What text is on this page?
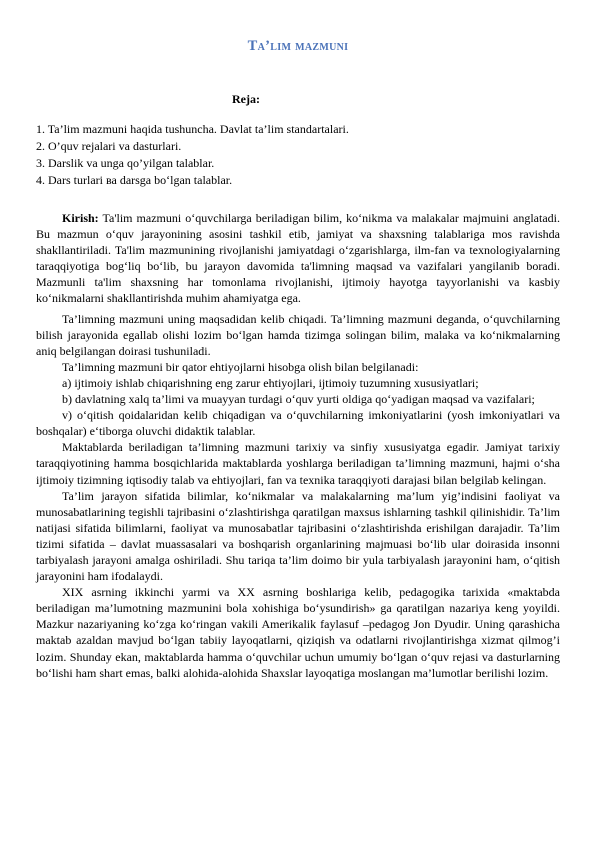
Ta’lim mazmuni
Reja:
1. Ta’lim mazmuni haqida tushuncha. Davlat ta’lim standartalari.
2. O’quv rejalari va dasturlari.
3. Darslik va unga qo’yilgan talablar.
4. Dars turlari ва darsga bo‘lgan talablar.

Kirish: Ta'lim mazmuni o‘quvchilarga beriladigan bilim, ko‘nikma va malakalar majmuini anglatadi. Bu mazmun o‘quv jarayonining asosini tashkil etib, jamiyat va shaxsning talablariga mos ravishda shakllantiriladi. Ta'lim mazmunining rivojlanishi jamiyatdagi o‘zgarishlarga, ilm-fan va texnologiyalarning taraqqiyotiga bog‘liq bo‘lib, bu jarayon davomida ta'limning maqsad va vazifalari yangilanib boradi. Mazmunli ta'lim shaxsning har tomonlama rivojlanishi, ijtimoiy hayotga tayyorlanishi va kasbiy ko‘nikmalarni shakllantirishda muhim ahamiyatga ega.

Ta’limning mazmuni uning maqsadidan kelib chiqadi. Ta’limning mazmuni deganda, o‘quvchilarning bilish jarayonida egallab olishi lozim bo‘lgan hamda tizimga solingan bilim, malaka va ko‘nikmalarning aniq belgilangan doirasi tushuniladi.

Ta’limning mazmuni bir qator ehtiyojlarni hisobga olish bilan belgilanadi:

a) ijtimoiy ishlab chiqarishning eng zarur ehtiyojlari, ijtimoiy tuzumning xususiyatlari;

b) davlatning xalq ta’limi va muayyan turdagi o‘quv yurti oldiga qo‘yadigan maqsad va vazifalari;

v) o‘qitish qoidalaridan kelib chiqadigan va o‘quvchilarning imkoniyatlarini (yosh imkoniyatlari va boshqalar) e‘tiborga oluvchi didaktik talablar.

Maktablarda beriladigan ta’limning mazmuni tarixiy va sinfiy xususiyatga egadir. Jamiyat tarixiy taraqqiyotining hamma bosqichlarida maktablarda yoshlarga beriladigan ta’limning mazmuni, hajmi o‘sha ijtimoiy tizimning iqtisodiy talab va ehtiyojlari, fan va texnika taraqqiyoti darajasi bilan belgilab kelingan.

Ta’lim jarayon sifatida bilimlar, ko‘nikmalar va malakalarning ma’lum yig’indisini faoliyat va munosabatlarining tegishli tajribasini o‘zlashtirishga qaratilgan maxsus ishlarning tashkil qilinishidir. Ta’lim natijasi sifatida bilimlarni, faoliyat va munosabatlar tajribasini o‘zlashtirishda erishilgan darajadir. Ta’lim tizimi sifatida – davlat muassasalari va boshqarish organlarining majmuasi bo‘lib ular doirasida insonni tarbiyalash jarayoni amalga oshiriladi. Shu tariqa ta’lim doimo bir yula tarbiyalash jarayonini ham, o‘qitish jarayonini ham ifodalaydi.

XIX asrning ikkinchi yarmi va XX asrning boshlariga kelib, pedagogika tarixida «maktabda beriladigan ma’lumotning mazmunini bola xohishiga bo‘ysundirish» ga qaratilgan nazariya keng yoyildi. Mazkur nazariyaning ko‘zga ko‘ringan vakili Amerikalik faylasuf –pedagog Jon Dyudir. Uning qarashicha maktab azaldan mavjud bo‘lgan tabiiy layoqatlarni, qiziqish va odatlarni rivojlantirishga xizmat qilmog’i lozim. Shunday ekan, maktablarda hamma o‘quvchilar uchun umumiy bo‘lgan o‘quv rejasi va dasturlarning bo‘lishi ham shart emas, balki alohida-alohida Shaxslar layoqatiga moslangan ma’lumotlar berilishi lozim.
